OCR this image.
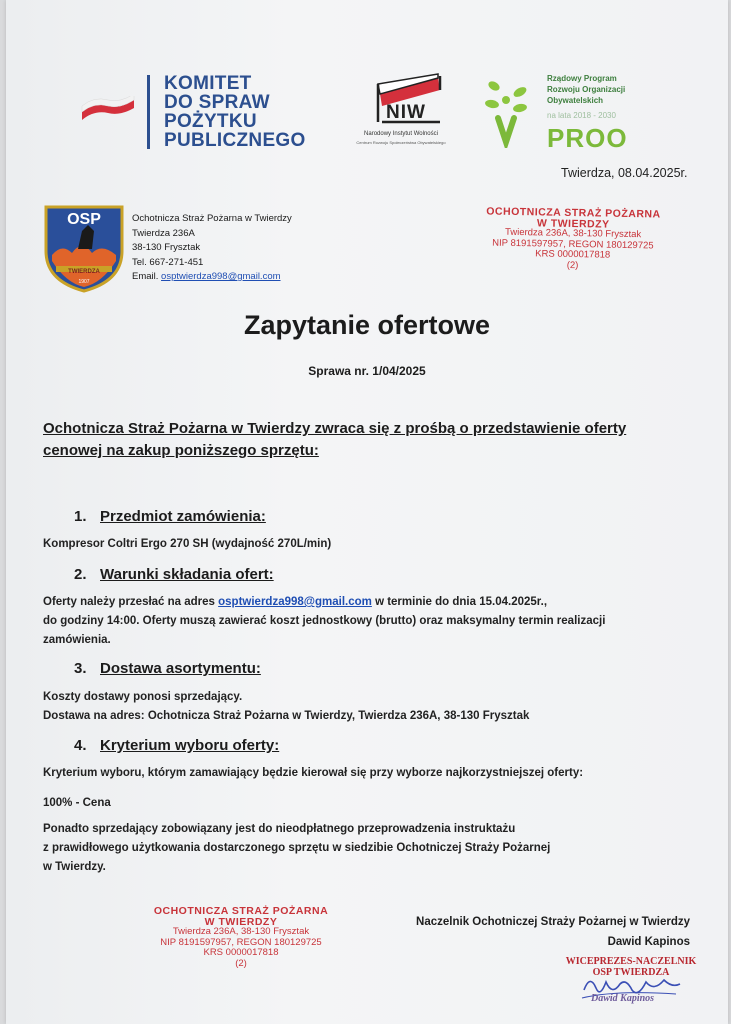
KOMITET
DO SPRAW
POŻYTKU
PUBLICZNEGO
NIW
Narodowy Instytut Wolności
Centrum Rozwoju Społeczeństwa Obywatelskiego
Rządowy Program
Rozwoju Organizacji
Obywatelskich
na lata 2018 - 2030
PROO
Twierdza, 08.04.2025r.
OSP
TWIERDZA
1907
Ochotnicza Straż Pożarna w Twierdzy
Twierdza 236A
38-130 Frysztak
Tel. 667-271-451
Email. osptwierdza998@gmail.com
OCHOTNICZA STRAŻ POŻARNA
W TWIERDZY
Twierdza 236A, 38-130 Frysztak
NIP 8191597957, REGON 180129725
KRS 0000017818
(2)
Zapytanie ofertowe
Sprawa nr. 1/04/2025
Ochotnicza Straż Pożarna w Twierdzy zwraca się z prośbą o przedstawienie oferty cenowej na zakup poniższego sprzętu:
1. Przedmiot zamówienia:
Kompresor Coltri Ergo 270 SH (wydajność 270L/min)
2. Warunki składania ofert:
Oferty należy przesłać na adres osptwierdza998@gmail.com w terminie do dnia 15.04.2025r.,
do godziny 14:00. Oferty muszą zawierać koszt jednostkowy (brutto) oraz maksymalny termin realizacji
zamówienia.
3. Dostawa asortymentu:
Koszty dostawy ponosi sprzedający.
Dostawa na adres: Ochotnicza Straż Pożarna w Twierdzy, Twierdza 236A, 38-130 Frysztak
4. Kryterium wyboru oferty:
Kryterium wyboru, którym zamawiający będzie kierował się przy wyborze najkorzystniejszej oferty:
100% - Cena
Ponadto sprzedający zobowiązany jest do nieodpłatnego przeprowadzenia instruktażu
z prawidłowego użytkowania dostarczonego sprzętu w siedzibie Ochotniczej Straży Pożarnej
w Twierdzy.
OCHOTNICZA STRAŻ POŻARNA
W TWIERDZY
Twierdza 236A, 38-130 Frysztak
NIP 8191597957, REGON 180129725
KRS 0000017818
(2)
Naczelnik Ochotniczej Straży Pożarnej w Twierdzy
Dawid Kapinos
WICEPREZES-NACZELNIK
OSP TWIERDZA
Dawid Kapinos
